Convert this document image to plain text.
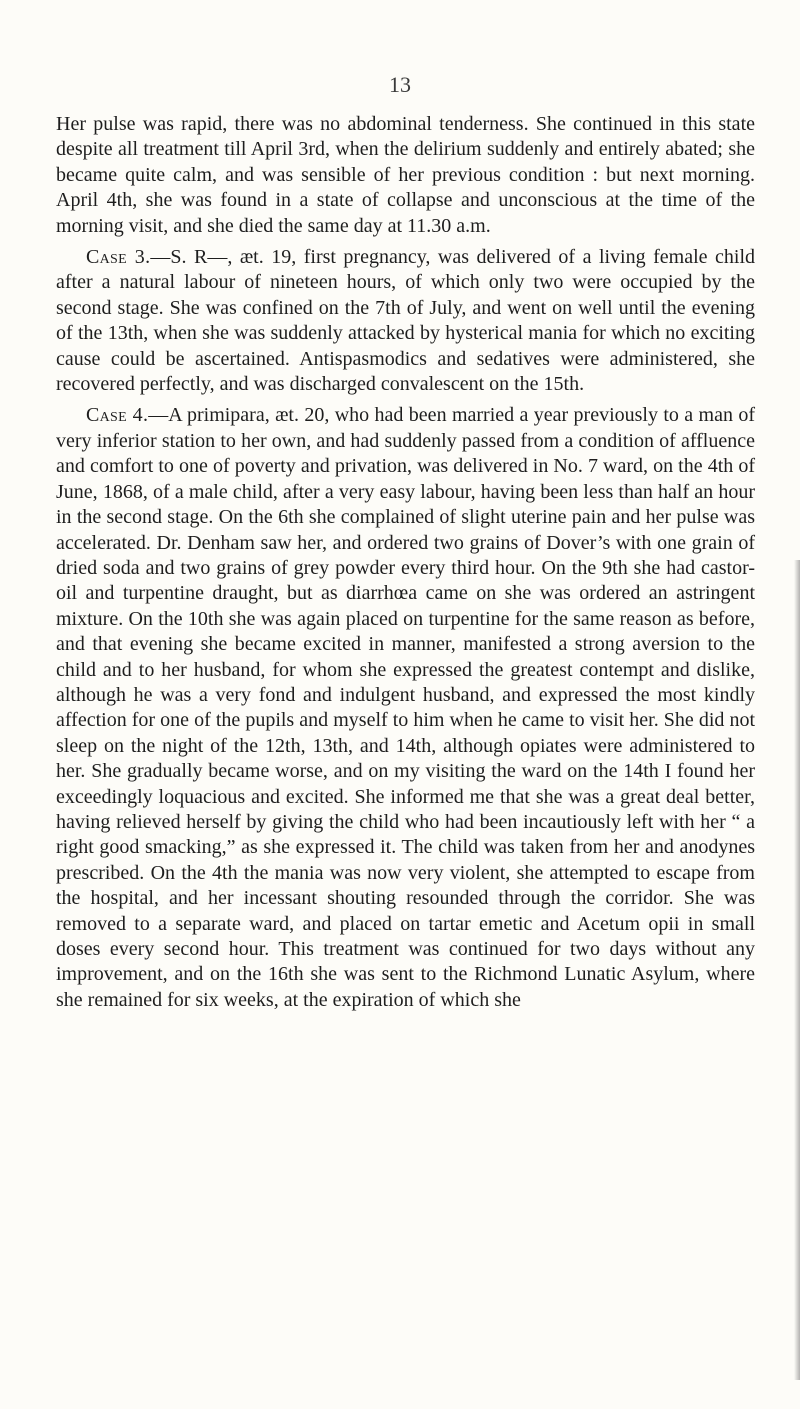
13

Her pulse was rapid, there was no abdominal tenderness. She continued in this state despite all treatment till April 3rd, when the delirium suddenly and entirely abated; she became quite calm, and was sensible of her previous condition : but next morning. April 4th, she was found in a state of collapse and unconscious at the time of the morning visit, and she died the same day at 11.30 a.m.

Case 3.—S. R—, æt. 19, first pregnancy, was delivered of a living female child after a natural labour of nineteen hours, of which only two were occupied by the second stage. She was confined on the 7th of July, and went on well until the evening of the 13th, when she was suddenly attacked by hysterical mania for which no exciting cause could be ascertained. Antispasmodics and sedatives were administered, she recovered perfectly, and was discharged convalescent on the 15th.

Case 4.—A primipara, æt. 20, who had been married a year previously to a man of very inferior station to her own, and had suddenly passed from a condition of affluence and comfort to one of poverty and privation, was delivered in No. 7 ward, on the 4th of June, 1868, of a male child, after a very easy labour, having been less than half an hour in the second stage. On the 6th she complained of slight uterine pain and her pulse was accelerated. Dr. Denham saw her, and ordered two grains of Dover’s with one grain of dried soda and two grains of grey powder every third hour. On the 9th she had castor-oil and turpentine draught, but as diarrhœa came on she was ordered an astringent mixture. On the 10th she was again placed on turpentine for the same reason as before, and that evening she became excited in manner, manifested a strong aversion to the child and to her husband, for whom she expressed the greatest contempt and dislike, although he was a very fond and indulgent husband, and expressed the most kindly affection for one of the pupils and myself to him when he came to visit her. She did not sleep on the night of the 12th, 13th, and 14th, although opiates were administered to her. She gradually became worse, and on my visiting the ward on the 14th I found her exceedingly loquacious and excited. She informed me that she was a great deal better, having relieved herself by giving the child who had been incautiously left with her “ a right good smacking,” as she expressed it. The child was taken from her and anodynes prescribed. On the 4th the mania was now very violent, she attempted to escape from the hospital, and her incessant shouting resounded through the corridor. She was removed to a separate ward, and placed on tartar emetic and Acetum opii in small doses every second hour. This treatment was continued for two days without any improvement, and on the 16th she was sent to the Richmond Lunatic Asylum, where she remained for six weeks, at the expiration of which she
